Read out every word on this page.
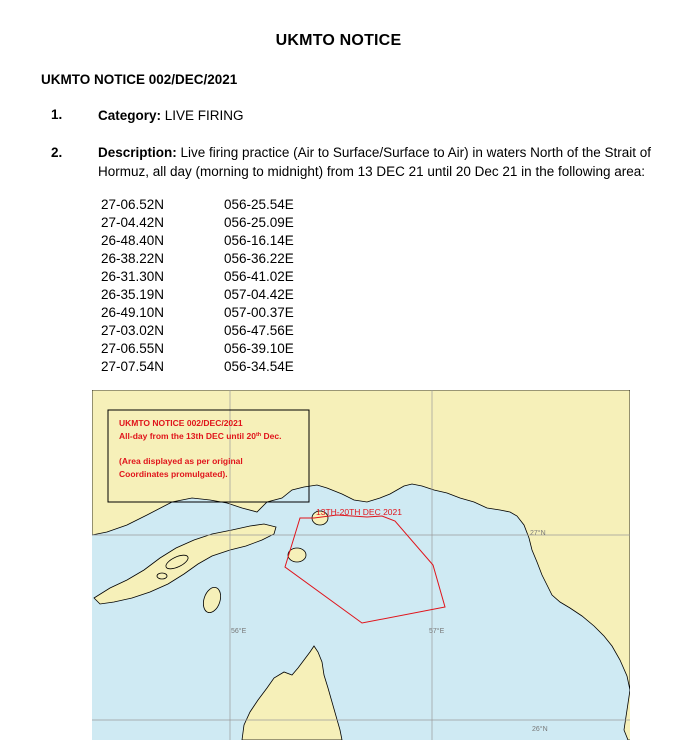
UKMTO NOTICE
UKMTO NOTICE 002/DEC/2021
1.	Category: LIVE FIRING
2.	Description: Live firing practice (Air to Surface/Surface to Air) in waters North of the Strait of Hormuz, all day (morning to midnight) from 13 DEC 21 until 20 Dec 21 in the following area:
27-06.52N	056-25.54E
27-04.42N	056-25.09E
26-48.40N	056-16.14E
26-38.22N	056-36.22E
26-31.30N	056-41.02E
26-35.19N	057-04.42E
26-49.10N	057-00.37E
27-03.02N	056-47.56E
27-06.55N	056-39.10E
27-07.54N	056-34.54E
27°N
26°N
56°E	57°E
13TH-20TH DEC 2021
UKMTO NOTICE 002/DEC/2021
All-day from the 13th DEC until 20th Dec.
(Area displayed as per original
Coordinates promulgated).
